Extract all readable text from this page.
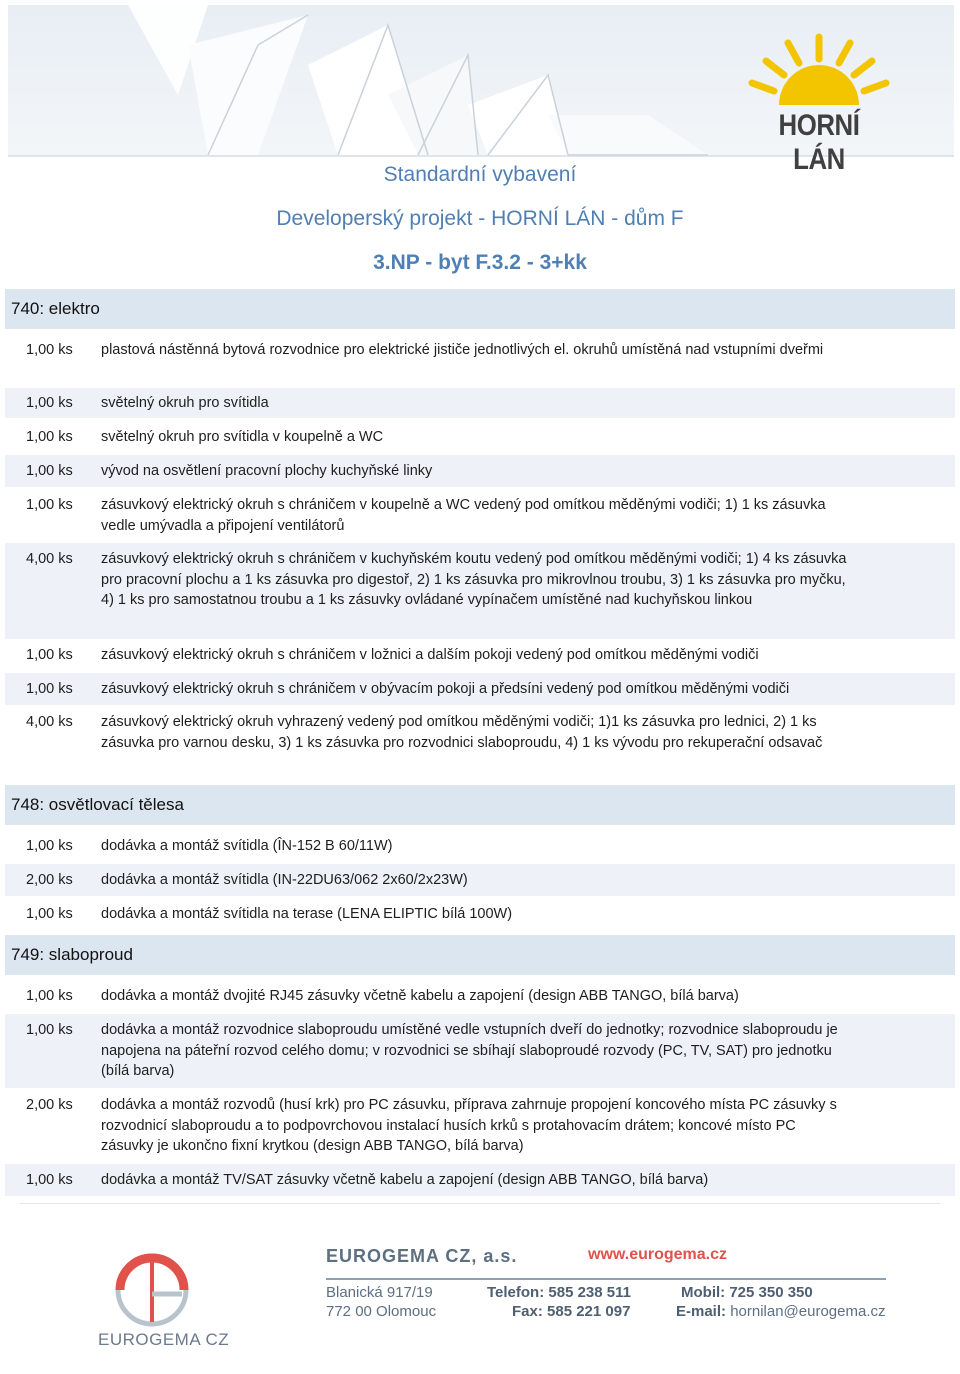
HORNÍ LÁN
Standardní vybavení
Developerský projekt - HORNÍ LÁN - dům F
3.NP - byt F.3.2 - 3+kk
740: elektro
1,00 ks	plastová nástěnná bytová rozvodnice pro elektrické jističe jednotlivých el. okruhů umístěná nad vstupními dveřmi
1,00 ks	světelný okruh pro svítidla
1,00 ks	světelný okruh pro svítidla v koupelně a WC
1,00 ks	vývod na osvětlení pracovní plochy kuchyňské linky
1,00 ks	zásuvkový elektrický okruh s chráničem v koupelně a WC vedený pod omítkou měděnými vodiči; 1) 1 ks zásuvka vedle umývadla a připojení ventilátorů
4,00 ks	zásuvkový elektrický okruh s chráničem v kuchyňském koutu vedený pod omítkou měděnými vodiči; 1) 4 ks zásuvka pro pracovní plochu a 1 ks zásuvka pro digestoř, 2) 1 ks zásuvka pro mikrovlnou troubu, 3) 1 ks zásuvka pro myčku, 4) 1 ks pro samostatnou troubu a 1 ks zásuvky ovládané vypínačem umístěné nad kuchyňskou linkou
1,00 ks	zásuvkový elektrický okruh s chráničem v ložnici a dalším pokoji vedený pod omítkou měděnými vodiči
1,00 ks	zásuvkový elektrický okruh s chráničem v obývacím pokoji a předsíni vedený pod omítkou měděnými vodiči
4,00 ks	zásuvkový elektrický okruh vyhrazený vedený pod omítkou měděnými vodiči; 1)1 ks zásuvka pro lednici, 2) 1 ks zásuvka pro varnou desku, 3) 1 ks zásuvka pro rozvodnici slaboproudu, 4) 1 ks vývodu pro rekuperační odsavač
748: osvětlovací tělesa
1,00 ks	dodávka a montáž svítidla (ÎN-152 B 60/11W)
2,00 ks	dodávka a montáž svítidla (IN-22DU63/062 2x60/2x23W)
1,00 ks	dodávka a montáž svítidla na terase (LENA ELIPTIC bílá 100W)
749: slaboproud
1,00 ks	dodávka a montáž dvojité RJ45 zásuvky včetně kabelu a zapojení (design ABB TANGO, bílá barva)
1,00 ks	dodávka a montáž rozvodnice slaboproudu umístěné vedle vstupních dveří do jednotky; rozvodnice slaboproudu je napojena na páteřní rozvod celého domu; v rozvodnici se sbíhají slaboproudé rozvody (PC, TV, SAT) pro jednotku (bílá barva)
2,00 ks	dodávka a montáž rozvodů (husí krk) pro PC zásuvku, příprava zahrnuje propojení koncového místa PC zásuvky s rozvodnicí slaboproudu a to podpovrchovou instalací husích krků s protahovacím drátem; koncové místo PC zásuvky je ukončno fixní krytkou (design ABB TANGO, bílá barva)
1,00 ks	dodávka a montáž TV/SAT zásuvky včetně kabelu a zapojení (design ABB TANGO, bílá barva)
EUROGEMA CZ
EUROGEMA CZ, a.s.	www.eurogema.cz
Blanická 917/19
772 00 Olomouc
Telefon: 585 238 511
Fax: 585 221 097
Mobil: 725 350 350
E-mail: hornilan@eurogema.cz
